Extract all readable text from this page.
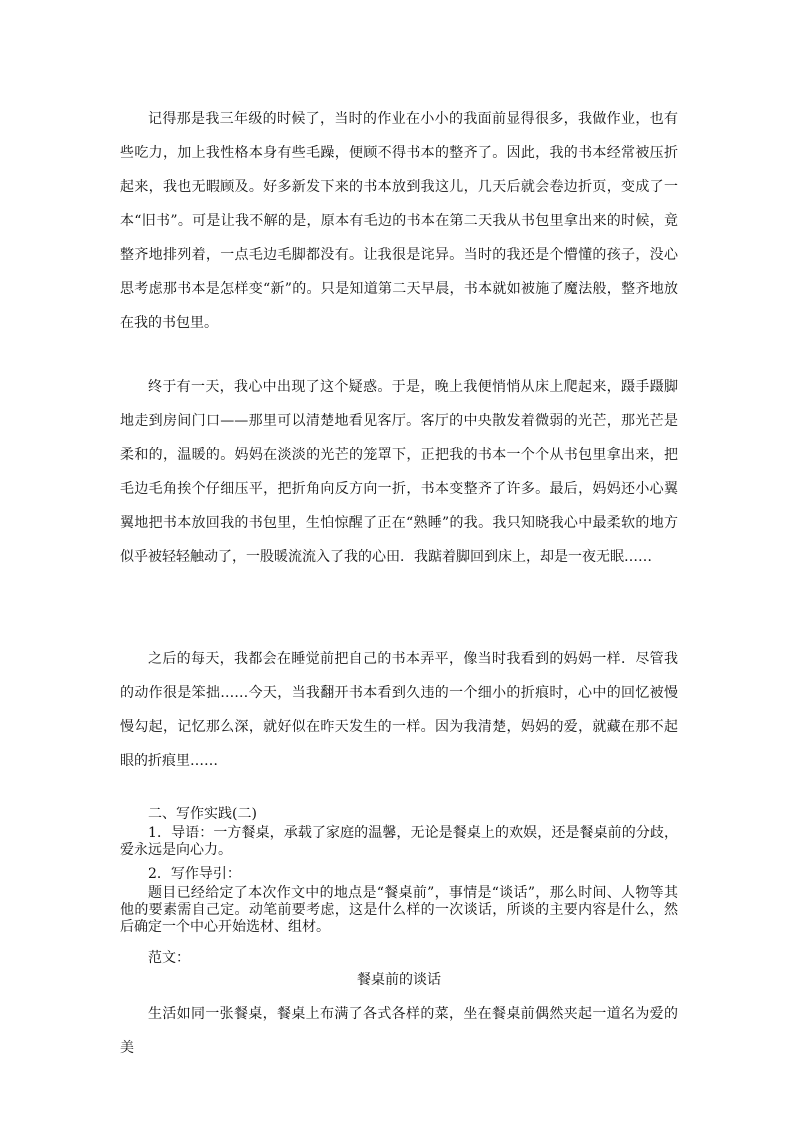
记得那是我三年级的时候了，当时的作业在小小的我面前显得很多，我做作业，也有些吃力，加上我性格本身有些毛躁，便顾不得书本的整齐了。因此，我的书本经常被压折起来，我也无暇顾及。好多新发下来的书本放到我这儿，几天后就会卷边折页，变成了一本“旧书”。可是让我不解的是，原本有毛边的书本在第二天我从书包里拿出来的时候，竟整齐地排列着，一点毛边毛脚都没有。让我很是诧异。当时的我还是个懵懂的孩子，没心思考虑那书本是怎样变“新”的。只是知道第二天早晨，书本就如被施了魔法般，整齐地放在我的书包里。

终于有一天，我心中出现了这个疑惑。于是，晚上我便悄悄从床上爬起来，蹑手蹑脚地走到房间门口——那里可以清楚地看见客厅。客厅的中央散发着微弱的光芒，那光芒是柔和的，温暖的。妈妈在淡淡的光芒的笼罩下，正把我的书本一个个从书包里拿出来，把毛边毛角挨个仔细压平，把折角向反方向一折，书本变整齐了许多。最后，妈妈还小心翼翼地把书本放回我的书包里，生怕惊醒了正在“熟睡”的我。我只知晓我心中最柔软的地方似乎被轻轻触动了，一股暖流流入了我的心田．我踮着脚回到床上，却是一夜无眠……

之后的每天，我都会在睡觉前把自己的书本弄平，像当时我看到的妈妈一样．尽管我的动作很是笨拙……今天，当我翻开书本看到久违的一个细小的折痕时，心中的回忆被慢慢勾起，记忆那么深，就好似在昨天发生的一样。因为我清楚，妈妈的爱，就藏在那不起眼的折痕里……

二、写作实践(二)

1．导语：一方餐桌，承载了家庭的温馨，无论是餐桌上的欢娱，还是餐桌前的分歧，爱永远是向心力。

2．写作导引：

题目已经给定了本次作文中的地点是“餐桌前”，事情是“谈话”，那么时间、人物等其他的要素需自己定。动笔前要考虑，这是什么样的一次谈话，所谈的主要内容是什么，然后确定一个中心开始选材、组材。

范文：

餐桌前的谈话

生活如同一张餐桌，餐桌上布满了各式各样的菜，坐在餐桌前偶然夹起一道名为爱的美
